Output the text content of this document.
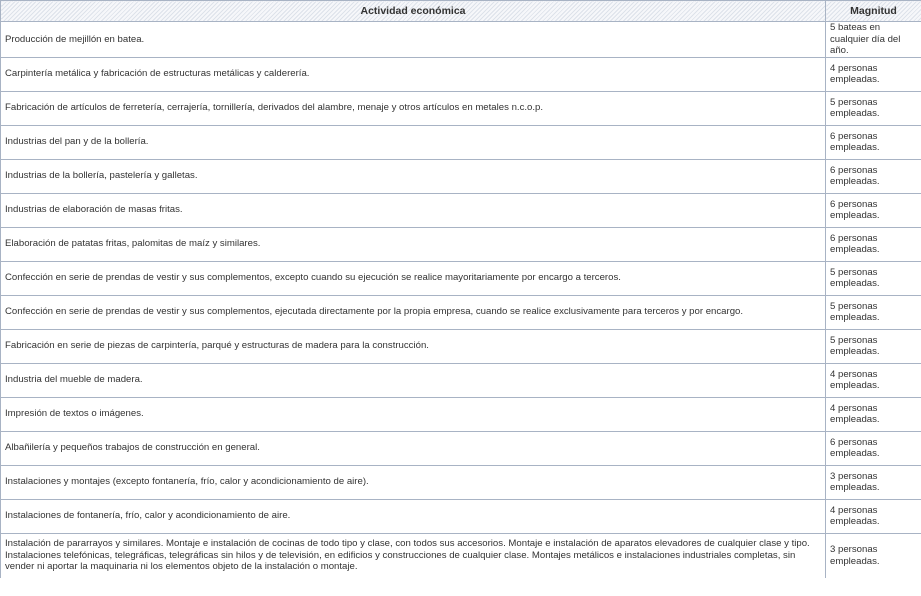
Actividad económica	Magnitud
Producción de mejillón en batea.	5 bateas en cualquier día del año.
Carpintería metálica y fabricación de estructuras metálicas y calderería.	4 personas empleadas.
Fabricación de artículos de ferretería, cerrajería, tornillería, derivados del alambre, menaje y otros artículos en metales n.c.o.p.	5 personas empleadas.
Industrias del pan y de la bollería.	6 personas empleadas.
Industrias de la bollería, pastelería y galletas.	6 personas empleadas.
Industrias de elaboración de masas fritas.	6 personas empleadas.
Elaboración de patatas fritas, palomitas de maíz y similares.	6 personas empleadas.
Confección en serie de prendas de vestir y sus complementos, excepto cuando su ejecución se realice mayoritariamente por encargo a terceros.	5 personas empleadas.
Confección en serie de prendas de vestir y sus complementos, ejecutada directamente por la propia empresa, cuando se realice exclusivamente para terceros y por encargo.	5 personas empleadas.
Fabricación en serie de piezas de carpintería, parqué y estructuras de madera para la construcción.	5 personas empleadas.
Industria del mueble de madera.	4 personas empleadas.
Impresión de textos o imágenes.	4 personas empleadas.
Albañilería y pequeños trabajos de construcción en general.	6 personas empleadas.
Instalaciones y montajes (excepto fontanería, frío, calor y acondicionamiento de aire).	3 personas empleadas.
Instalaciones de fontanería, frío, calor y acondicionamiento de aire.	4 personas empleadas.
Instalación de pararrayos y similares. Montaje e instalación de cocinas de todo tipo y clase, con todos sus accesorios. Montaje e instalación de aparatos elevadores de cualquier clase y tipo. Instalaciones telefónicas, telegráficas, telegráficas sin hilos y de televisión, en edificios y construcciones de cualquier clase. Montajes metálicos e instalaciones industriales completas, sin vender ni aportar la maquinaria ni los elementos objeto de la instalación o montaje.	3 personas empleadas.
